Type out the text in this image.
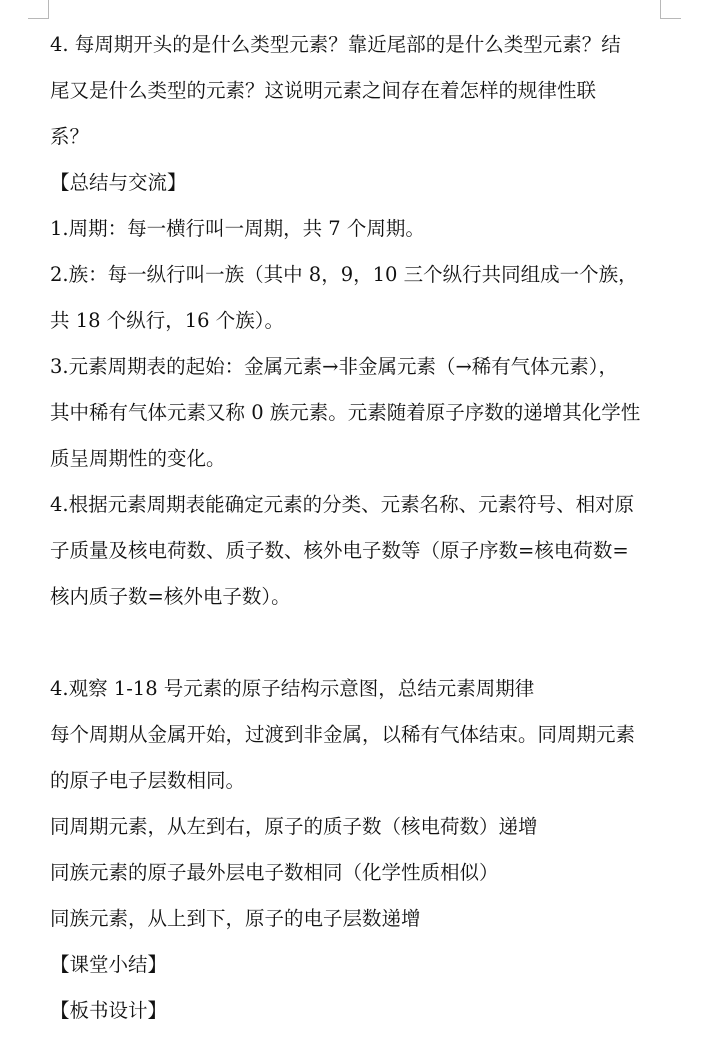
4. 每周期开头的是什么类型元素？靠近尾部的是什么类型元素？结
尾又是什么类型的元素？这说明元素之间存在着怎样的规律性联
系？
【总结与交流】
1.周期：每一横行叫一周期，共 7 个周期。
2.族：每一纵行叫一族（其中 8，9，10 三个纵行共同组成一个族，
共 18 个纵行，16 个族）。
3.元素周期表的起始：金属元素→非金属元素（→稀有气体元素），
其中稀有气体元素又称 0 族元素。元素随着原子序数的递增其化学性
质呈周期性的变化。
4.根据元素周期表能确定元素的分类、元素名称、元素符号、相对原
子质量及核电荷数、质子数、核外电子数等（原子序数=核电荷数=
核内质子数=核外电子数）。
4.观察 1-18 号元素的原子结构示意图，总结元素周期律
每个周期从金属开始，过渡到非金属，以稀有气体结束。同周期元素
的原子电子层数相同。
同周期元素，从左到右，原子的质子数（核电荷数）递增
同族元素的原子最外层电子数相同（化学性质相似）
同族元素，从上到下，原子的电子层数递增
【课堂小结】
【板书设计】
